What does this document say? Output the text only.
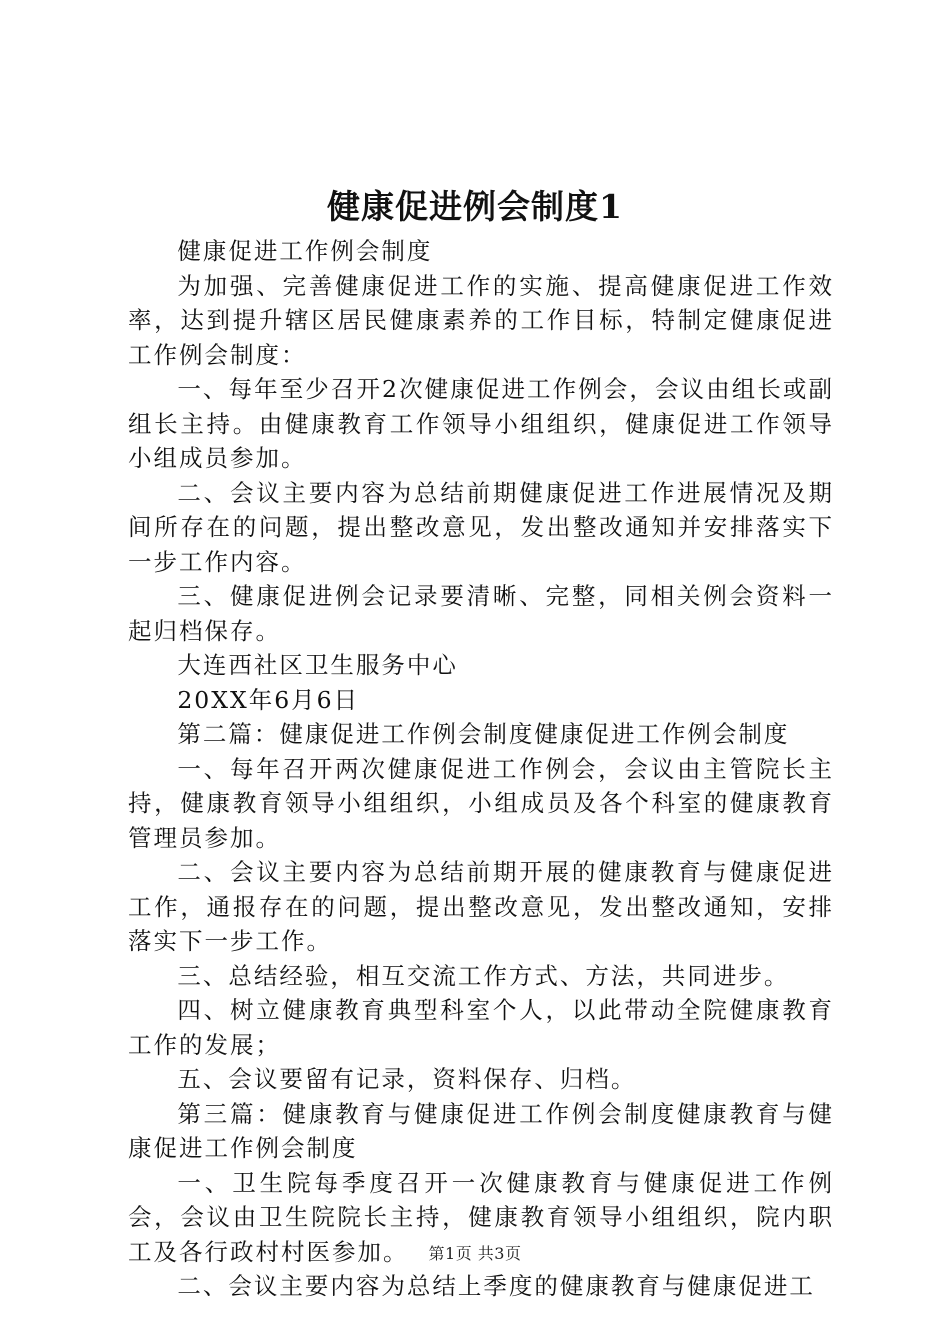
健康促进例会制度1

健康促进工作例会制度

为加强、完善健康促进工作的实施、提高健康促进工作效率，达到提升辖区居民健康素养的工作目标，特制定健康促进工作例会制度：

一、每年至少召开2次健康促进工作例会，会议由组长或副组长主持。由健康教育工作领导小组组织，健康促进工作领导小组成员参加。

二、会议主要内容为总结前期健康促进工作进展情况及期间所存在的问题，提出整改意见，发出整改通知并安排落实下一步工作内容。

三、健康促进例会记录要清晰、完整，同相关例会资料一起归档保存。

大连西社区卫生服务中心

20XX年6月6日

第二篇：健康促进工作例会制度健康促进工作例会制度

一、每年召开两次健康促进工作例会，会议由主管院长主持，健康教育领导小组组织，小组成员及各个科室的健康教育管理员参加。

二、会议主要内容为总结前期开展的健康教育与健康促进工作，通报存在的问题，提出整改意见，发出整改通知，安排落实下一步工作。

三、总结经验，相互交流工作方式、方法，共同进步。

四、树立健康教育典型科室个人，以此带动全院健康教育工作的发展；

五、会议要留有记录，资料保存、归档。

第三篇：健康教育与健康促进工作例会制度健康教育与健康促进工作例会制度

一、卫生院每季度召开一次健康教育与健康促进工作例会，会议由卫生院院长主持，健康教育领导小组组织，院内职工及各行政村村医参加。

二、会议主要内容为总结上季度的健康教育与健康促进工

第1页 共3页
